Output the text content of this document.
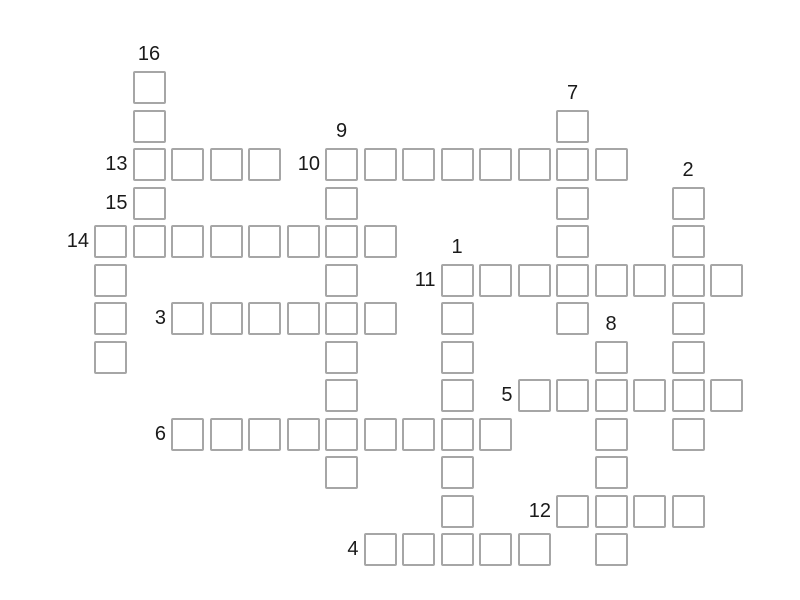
16
13	10
9
7
15
2
14	1
11
3	8
5
6
12
4
